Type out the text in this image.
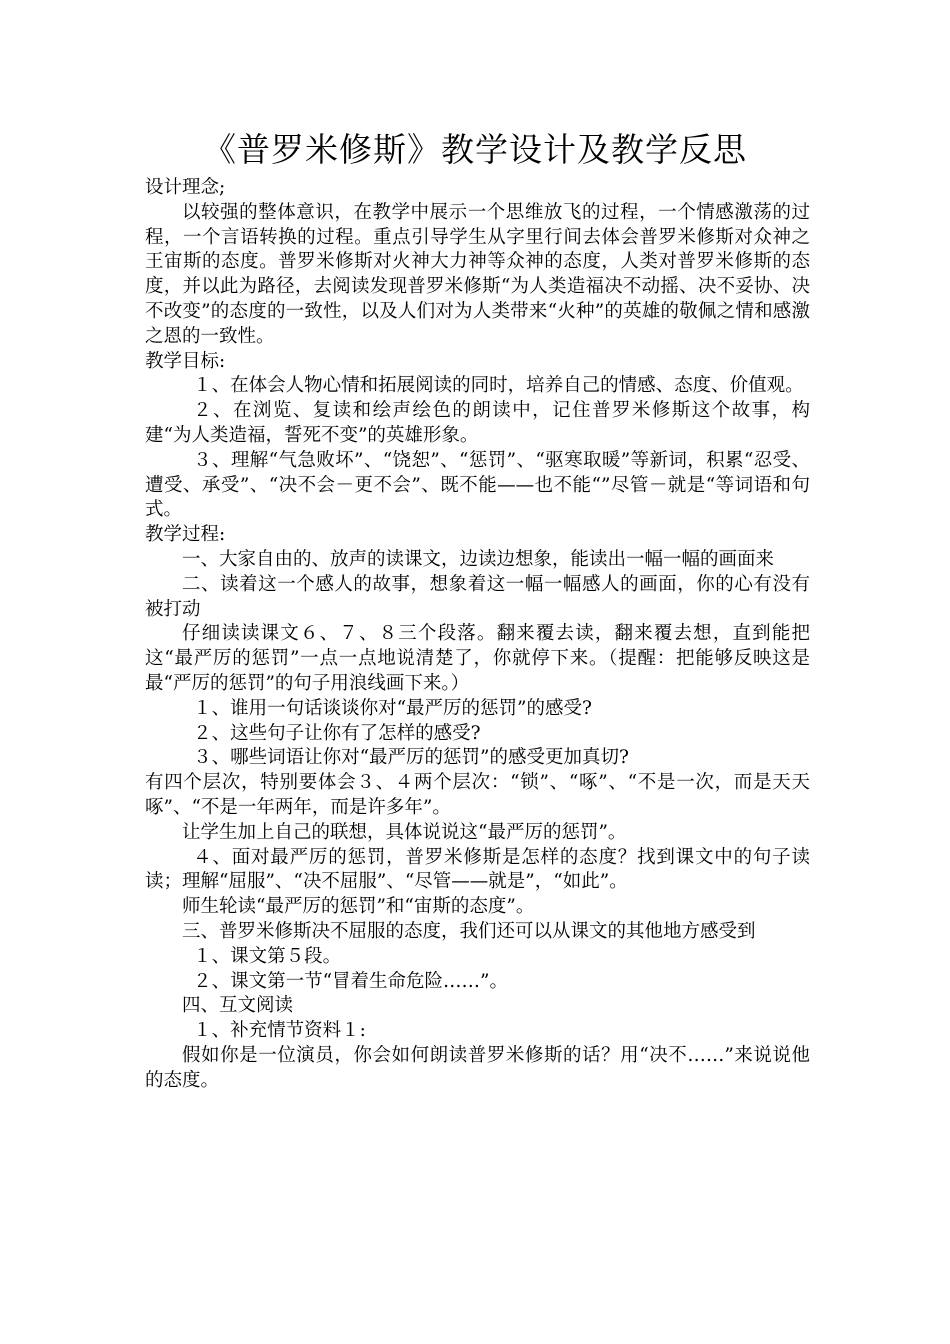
《普罗米修斯》教学设计及教学反思

设计理念;

以较强的整体意识，在教学中展示一个思维放飞的过程，一个情感激荡的过程，一个言语转换的过程。重点引导学生从字里行间去体会普罗米修斯对众神之王宙斯的态度。普罗米修斯对火神大力神等众神的态度，人类对普罗米修斯的态度，并以此为路径，去阅读发现普罗米修斯“为人类造福决不动摇、决不妥协、决不改变”的态度的一致性，以及人们对为人类带来“火种”的英雄的敬佩之情和感激之恩的一致性。

教学目标:

１、在体会人物心情和拓展阅读的同时，培养自己的情感、态度、价值观。

２、在浏览、复读和绘声绘色的朗读中，记住普罗米修斯这个故事，构建“为人类造福，誓死不变”的英雄形象。

３、理解“气急败坏”、“饶恕”、“惩罚”、“驱寒取暖”等新词，积累“忍受、遭受、承受”、“决不会－更不会”、既不能——也不能“”尽管－就是“等词语和句式。

教学过程:

一、大家自由的、放声的读课文，边读边想象，能读出一幅一幅的画面来

二、读着这一个感人的故事，想象着这一幅一幅感人的画面，你的心有没有被打动

仔细读读课文６、７、８三个段落。翻来覆去读，翻来覆去想，直到能把这“最严厉的惩罚”一点一点地说清楚了，你就停下来。（提醒：把能够反映这是最“严厉的惩罚”的句子用浪线画下来。）

１、谁用一句话谈谈你对“最严厉的惩罚”的感受?

２、这些句子让你有了怎样的感受?

３、哪些词语让你对“最严厉的惩罚”的感受更加真切?

有四个层次，特别要体会３、４两个层次：“锁”、“啄”、“不是一次，而是天天啄”、“不是一年两年，而是许多年”。

让学生加上自己的联想，具体说说这“最严厉的惩罚”。

４、面对最严厉的惩罚，普罗米修斯是怎样的态度？找到课文中的句子读读；理解“屈服”、“决不屈服”、“尽管——就是”，“如此”。

师生轮读“最严厉的惩罚”和“宙斯的态度”。

三、普罗米修斯决不屈服的态度，我们还可以从课文的其他地方感受到

１、课文第５段。

２、课文第一节“冒着生命危险……”。

四、互文阅读

１、补充情节资料１:

假如你是一位演员，你会如何朗读普罗米修斯的话？用“决不……”来说说他的态度。
